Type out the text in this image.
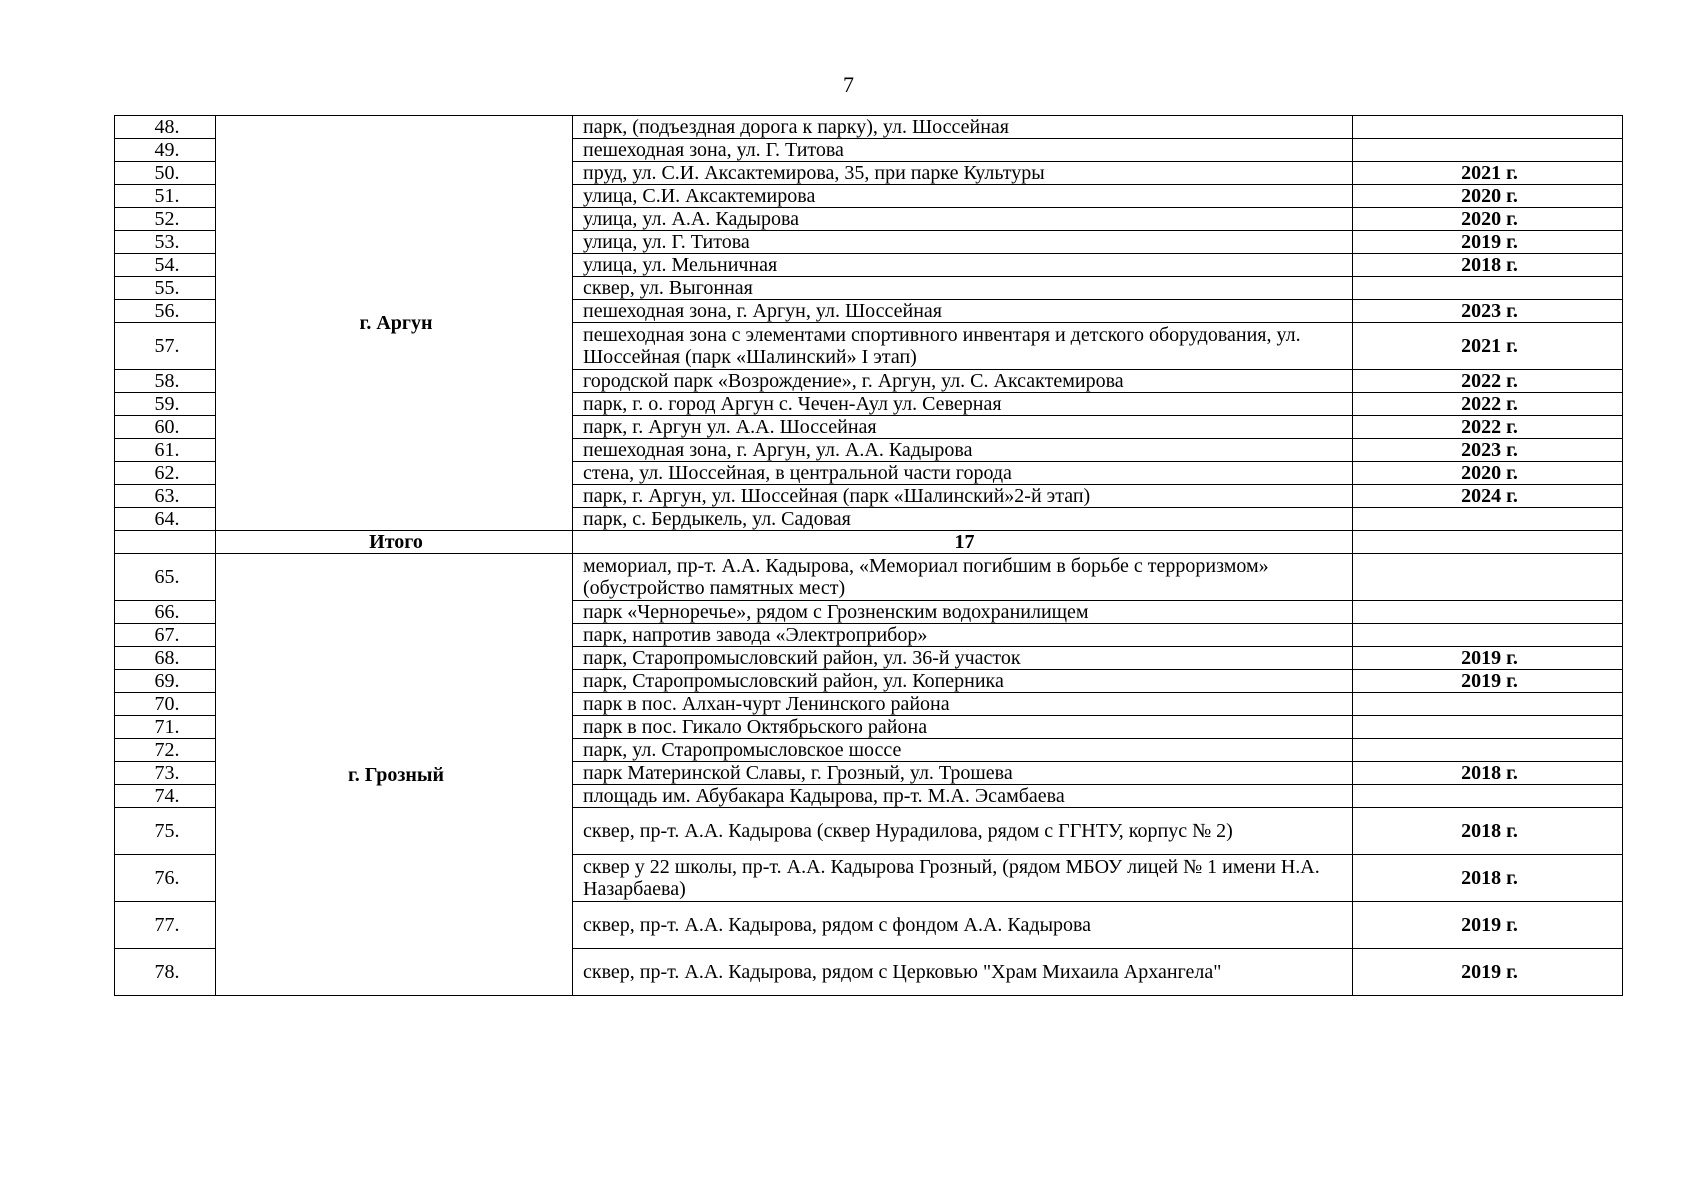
7
48.	г. Аргун	парк, (подъездная дорога к парку), ул. Шоссейная	
49.		пешеходная зона, ул. Г. Титова	
50.		пруд, ул. С.И. Аксактемирова, 35, при парке Культуры	2021 г.
51.		улица, С.И. Аксактемирова	2020 г.
52.		улица, ул. А.А. Кадырова	2020 г.
53.		улица, ул. Г. Титова	2019 г.
54.		улица, ул. Мельничная	2018 г.
55.		сквер, ул. Выгонная	
56.		пешеходная зона, г. Аргун, ул. Шоссейная	2023 г.
57.		пешеходная зона с элементами спортивного инвентаря и детского оборудования, ул. Шоссейная (парк «Шалинский» I этап)	2021 г.
58.		городской парк «Возрождение», г. Аргун, ул. С. Аксактемирова	2022 г.
59.		парк, г. о. город Аргун с. Чечен-Аул ул. Северная	2022 г.
60.		парк, г. Аргун ул. А.А. Шоссейная	2022 г.
61.		пешеходная зона, г. Аргун, ул. А.А. Кадырова	2023 г.
62.		стена, ул. Шоссейная, в центральной части города	2020 г.
63.		парк, г. Аргун, ул. Шоссейная (парк «Шалинский»2-й этап)	2024 г.
64.		парк, с. Бердыкель, ул. Садовая	
	Итого	17	
65.	г. Грозный	мемориал, пр-т. А.А. Кадырова, «Мемориал погибшим в борьбе с терроризмом» (обустройство памятных мест)	
66.		парк «Черноречье», рядом с Грозненским водохранилищем	
67.		парк, напротив завода «Электроприбор»	
68.		парк, Старопромысловский район, ул. 36-й участок	2019 г.
69.		парк, Старопромысловский район, ул. Коперника	2019 г.
70.		парк в пос. Алхан-чурт Ленинского района	
71.		парк в пос. Гикало Октябрьского района	
72.		парк, ул. Старопромысловское шоссе	
73.		парк Материнской Славы, г. Грозный, ул. Трошева	2018 г.
74.		площадь им. Абубакара Кадырова, пр-т. М.А. Эсамбаева	
75.		сквер, пр-т. А.А. Кадырова (сквер Нурадилова, рядом с ГГНТУ, корпус № 2)	2018 г.
76.		сквер у 22 школы, пр-т. А.А. Кадырова Грозный, (рядом МБОУ лицей № 1 имени Н.А. Назарбаева)	2018 г.
77.		сквер, пр-т. А.А. Кадырова, рядом с фондом А.А. Кадырова	2019 г.
78.		сквер, пр-т. А.А. Кадырова, рядом с Церковью "Храм Михаила Архангела"	2019 г.
